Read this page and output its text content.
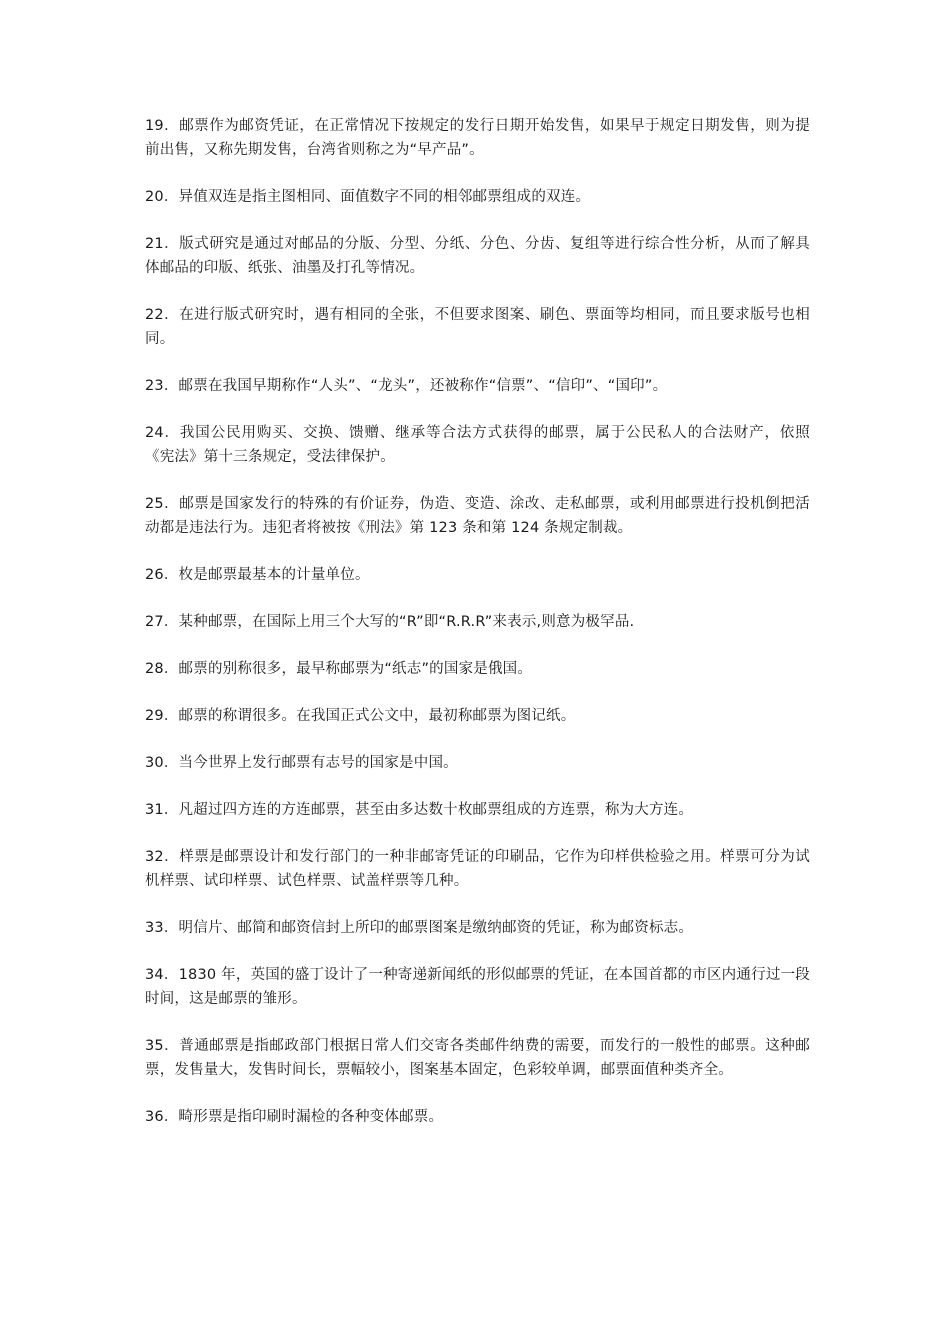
19．邮票作为邮资凭证，在正常情况下按规定的发行日期开始发售，如果早于规定日期发售，则为提前出售，又称先期发售，台湾省则称之为“早产品”。

20．异值双连是指主图相同、面值数字不同的相邻邮票组成的双连。

21．版式研究是通过对邮品的分版、分型、分纸、分色、分齿、复组等进行综合性分析，从而了解具体邮品的印版、纸张、油墨及打孔等情况。

22．在进行版式研究时，遇有相同的全张，不但要求图案、刷色、票面等均相同，而且要求版号也相同。

23．邮票在我国早期称作“人头”、“龙头”，还被称作“信票”、“信印”、“国印”。

24．我国公民用购买、交换、馈赠、继承等合法方式获得的邮票，属于公民私人的合法财产，依照《宪法》第十三条规定，受法律保护。

25．邮票是国家发行的特殊的有价证券，伪造、变造、涂改、走私邮票，或利用邮票进行投机倒把活动都是违法行为。违犯者将被按《刑法》第 123 条和第 124 条规定制裁。

26．枚是邮票最基本的计量单位。

27．某种邮票，在国际上用三个大写的“R”即“R.R.R”来表示,则意为极罕品.

28．邮票的别称很多，最早称邮票为“纸志”的国家是俄国。

29．邮票的称谓很多。在我国正式公文中，最初称邮票为图记纸。

30．当今世界上发行邮票有志号的国家是中国。

31．凡超过四方连的方连邮票，甚至由多达数十枚邮票组成的方连票，称为大方连。

32．样票是邮票设计和发行部门的一种非邮寄凭证的印刷品，它作为印样供检验之用。样票可分为试机样票、试印样票、试色样票、试盖样票等几种。

33．明信片、邮简和邮资信封上所印的邮票图案是缴纳邮资的凭证，称为邮资标志。

34．1830 年，英国的盛丁设计了一种寄递新闻纸的形似邮票的凭证，在本国首都的市区内通行过一段时间，这是邮票的雏形。

35．普通邮票是指邮政部门根据日常人们交寄各类邮件纳费的需要，而发行的一般性的邮票。这种邮票，发售量大，发售时间长，票幅较小，图案基本固定，色彩较单调，邮票面值种类齐全。

36．畸形票是指印刷时漏检的各种变体邮票。
